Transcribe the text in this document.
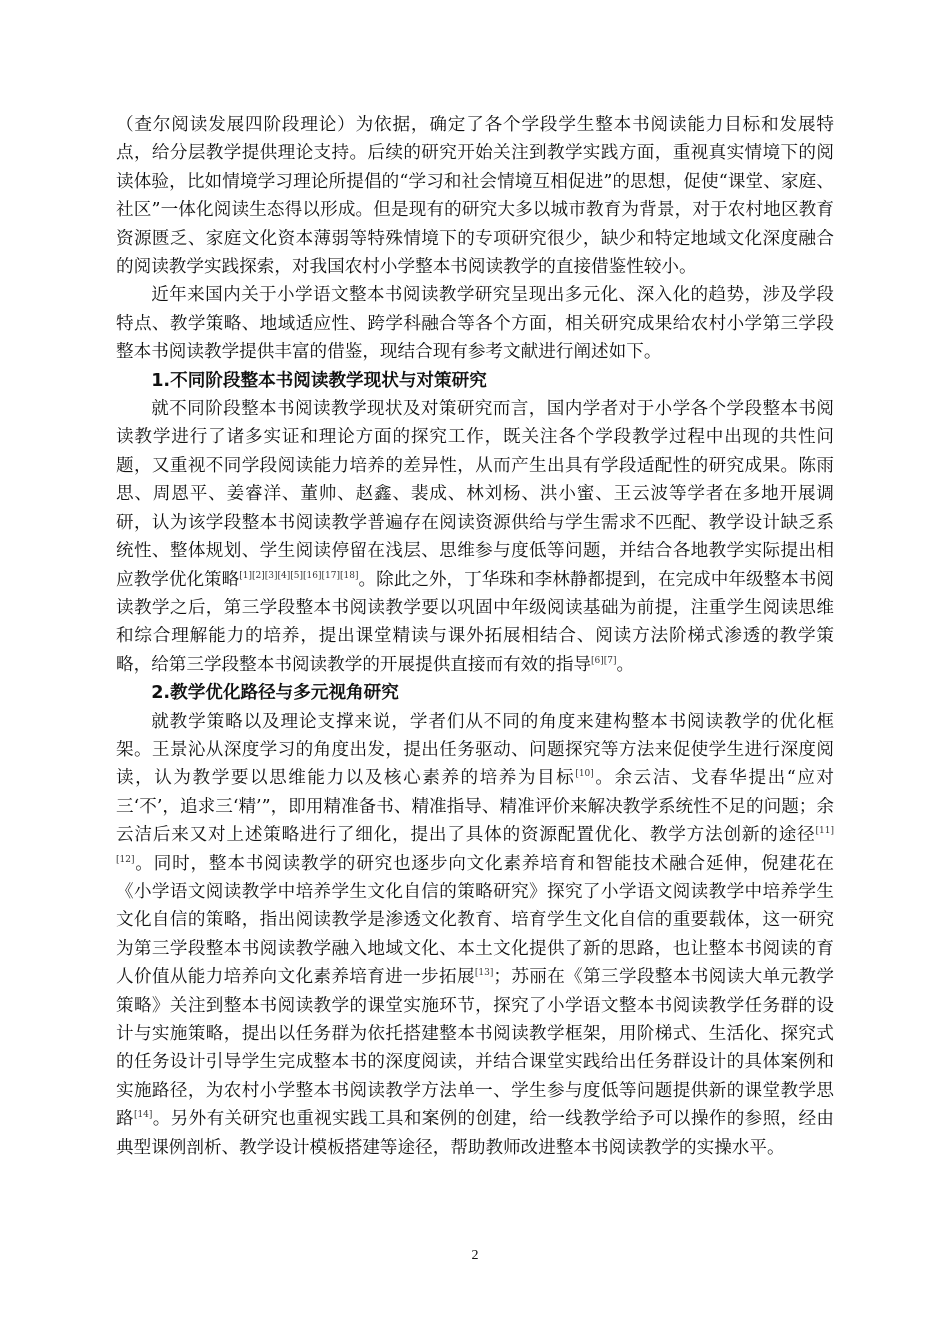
（查尔阅读发展四阶段理论）为依据，确定了各个学段学生整本书阅读能力目标和发展特点，给分层教学提供理论支持。后续的研究开始关注到教学实践方面，重视真实情境下的阅读体验，比如情境学习理论所提倡的“学习和社会情境互相促进”的思想，促使“课堂、家庭、社区”一体化阅读生态得以形成。但是现有的研究大多以城市教育为背景，对于农村地区教育资源匮乏、家庭文化资本薄弱等特殊情境下的专项研究很少，缺少和特定地域文化深度融合的阅读教学实践探索，对我国农村小学整本书阅读教学的直接借鉴性较小。

近年来国内关于小学语文整本书阅读教学研究呈现出多元化、深入化的趋势，涉及学段特点、教学策略、地域适应性、跨学科融合等各个方面，相关研究成果给农村小学第三学段整本书阅读教学提供丰富的借鉴，现结合现有参考文献进行阐述如下。

1.不同阶段整本书阅读教学现状与对策研究

就不同阶段整本书阅读教学现状及对策研究而言，国内学者对于小学各个学段整本书阅读教学进行了诸多实证和理论方面的探究工作，既关注各个学段教学过程中出现的共性问题，又重视不同学段阅读能力培养的差异性，从而产生出具有学段适配性的研究成果。陈雨思、周恩平、姜睿洋、董帅、赵鑫、裴成、林刘杨、洪小蜜、王云波等学者在多地开展调研，认为该学段整本书阅读教学普遍存在阅读资源供给与学生需求不匹配、教学设计缺乏系统性、整体规划、学生阅读停留在浅层、思维参与度低等问题，并结合各地教学实际提出相应教学优化策略[1][2][3][4][5][16][17][18]。除此之外，丁华珠和李林静都提到，在完成中年级整本书阅读教学之后，第三学段整本书阅读教学要以巩固中年级阅读基础为前提，注重学生阅读思维和综合理解能力的培养，提出课堂精读与课外拓展相结合、阅读方法阶梯式渗透的教学策略，给第三学段整本书阅读教学的开展提供直接而有效的指导[6][7]。

2.教学优化路径与多元视角研究

就教学策略以及理论支撑来说，学者们从不同的角度来建构整本书阅读教学的优化框架。王景沁从深度学习的角度出发，提出任务驱动、问题探究等方法来促使学生进行深度阅读，认为教学要以思维能力以及核心素养的培养为目标[10]。余云洁、戈春华提出“应对三‘不’，追求三‘精’”，即用精准备书、精准指导、精准评价来解决教学系统性不足的问题；余云洁后来又对上述策略进行了细化，提出了具体的资源配置优化、教学方法创新的途径[11][12]。同时，整本书阅读教学的研究也逐步向文化素养培育和智能技术融合延伸，倪建花在《小学语文阅读教学中培养学生文化自信的策略研究》探究了小学语文阅读教学中培养学生文化自信的策略，指出阅读教学是渗透文化教育、培育学生文化自信的重要载体，这一研究为第三学段整本书阅读教学融入地域文化、本土文化提供了新的思路，也让整本书阅读的育人价值从能力培养向文化素养培育进一步拓展[13]；苏丽在《第三学段整本书阅读大单元教学策略》关注到整本书阅读教学的课堂实施环节，探究了小学语文整本书阅读教学任务群的设计与实施策略，提出以任务群为依托搭建整本书阅读教学框架，用阶梯式、生活化、探究式的任务设计引导学生完成整本书的深度阅读，并结合课堂实践给出任务群设计的具体案例和实施路径，为农村小学整本书阅读教学方法单一、学生参与度低等问题提供新的课堂教学思路[14]。另外有关研究也重视实践工具和案例的创建，给一线教学给予可以操作的参照，经由典型课例剖析、教学设计模板搭建等途径，帮助教师改进整本书阅读教学的实操水平。

2
